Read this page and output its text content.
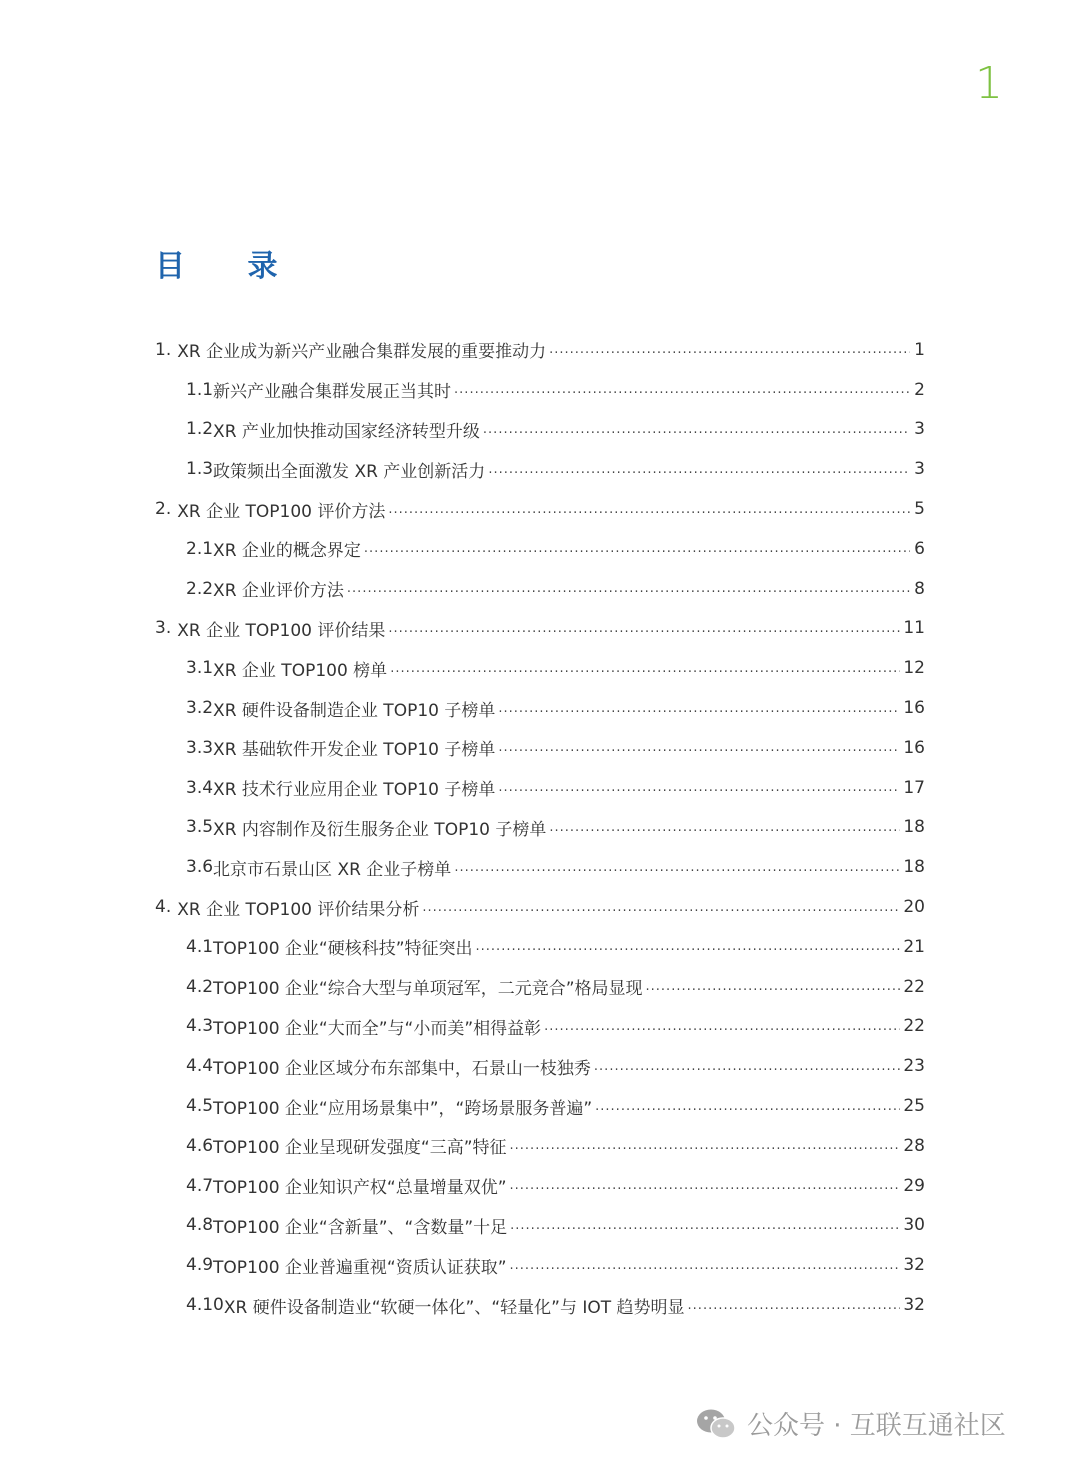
1
目 录
1. XR 企业成为新兴产业融合集群发展的重要推动力 .....	1
1.1 新兴产业融合集群发展正当其时 .....	2
1.2 XR 产业加快推动国家经济转型升级 .....	3
1.3 政策频出全面激发 XR 产业创新活力 .....	3
2. XR 企业 TOP100 评价方法 .....	5
2.1 XR 企业的概念界定 .....	6
2.2 XR 企业评价方法 .....	8
3. XR 企业 TOP100 评价结果 .....	11
3.1 XR 企业 TOP100 榜单 .....	12
3.2 XR 硬件设备制造企业 TOP10 子榜单 .....	16
3.3 XR 基础软件开发企业 TOP10 子榜单 .....	16
3.4 XR 技术行业应用企业 TOP10 子榜单 .....	17
3.5 XR 内容制作及衍生服务企业 TOP10 子榜单 .....	18
3.6 北京市石景山区 XR 企业子榜单 .....	18
4. XR 企业 TOP100 评价结果分析 .....	20
4.1 TOP100 企业“硬核科技”特征突出 .....	21
4.2 TOP100 企业“综合大型与单项冠军，二元竞合”格局显现 .....	22
4.3 TOP100 企业“大而全”与“小而美”相得益彰 .....	22
4.4 TOP100 企业区域分布东部集中，石景山一枝独秀 .....	23
4.5 TOP100 企业“应用场景集中”，“跨场景服务普遍” .....	25
4.6 TOP100 企业呈现研发强度“三高”特征 .....	28
4.7 TOP100 企业知识产权“总量增量双优” .....	29
4.8 TOP100 企业“含新量”、“含数量”十足 .....	30
4.9 TOP100 企业普遍重视“资质认证获取” .....	32
4.10 XR 硬件设备制造业“软硬一体化”、“轻量化”与 IOT 趋势明显 .....	32
公众号 · 互联互通社区
